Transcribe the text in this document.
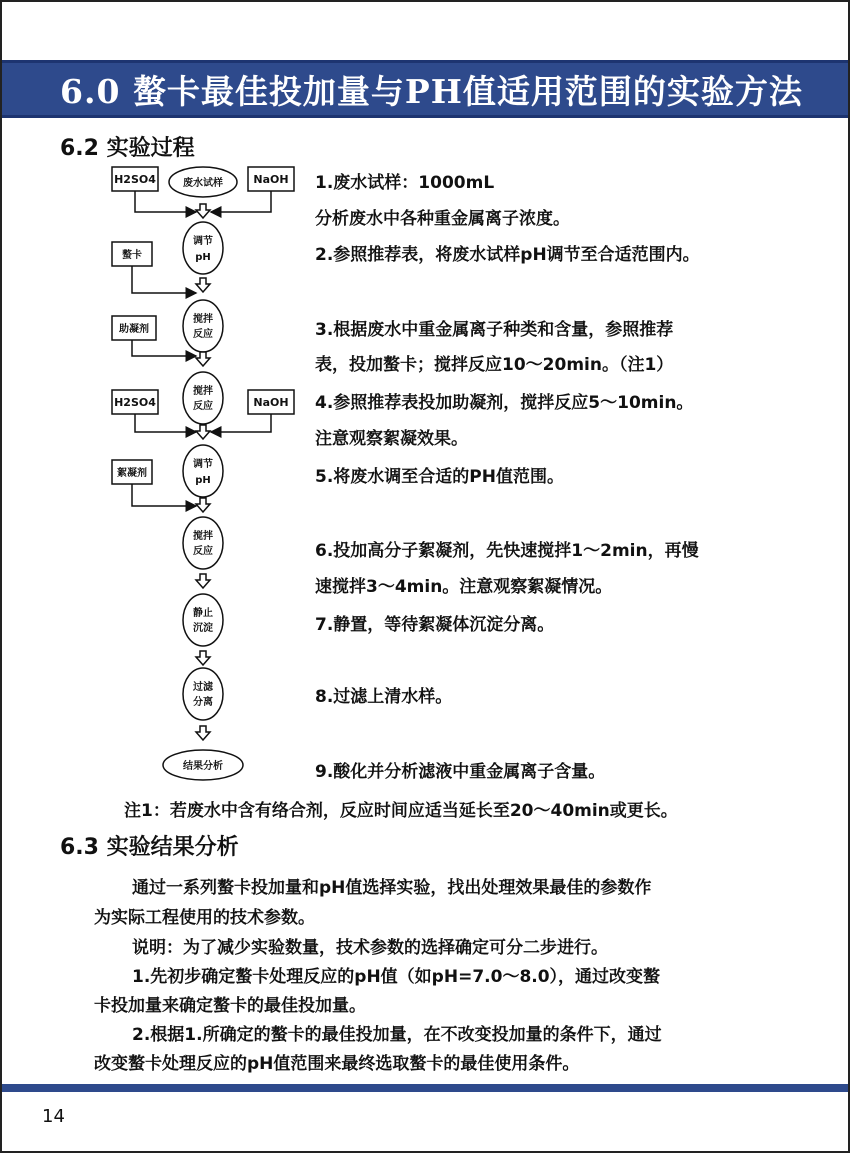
6.0 螯卡最佳投加量与PH值适用范围的实验方法
6.2 实验过程
H2SO4	废水试样	NaOH
螯卡
调节
pH
搅拌
反应
助凝剂
搅拌
反应
H2SO4	NaOH
絮凝剂
调节
pH
搅拌
反应
静止
沉淀
过滤
分离
结果分析
1.废水试样：1000mL
分析废水中各种重金属离子浓度。
2.参照推荐表，将废水试样pH调节至合适范围内。
3.根据废水中重金属离子种类和含量，参照推荐
表，投加螯卡；搅拌反应10～20min。（注1）
4.参照推荐表投加助凝剂，搅拌反应5～10min。
注意观察絮凝效果。
5.将废水调至合适的PH值范围。
6.投加高分子絮凝剂，先快速搅拌1～2min，再慢
速搅拌3～4min。注意观察絮凝情况。
7.静置，等待絮凝体沉淀分离。
8.过滤上清水样。
9.酸化并分析滤液中重金属离子含量。
注1：若废水中含有络合剂，反应时间应适当延长至20～40min或更长。
6.3 实验结果分析
通过一系列螯卡投加量和pH值选择实验，找出处理效果最佳的参数作
为实际工程使用的技术参数。
说明：为了减少实验数量，技术参数的选择确定可分二步进行。
1.先初步确定螯卡处理反应的pH值（如pH=7.0～8.0），通过改变螯
卡投加量来确定螯卡的最佳投加量。
2.根据1.所确定的螯卡的最佳投加量，在不改变投加量的条件下，通过
改变螯卡处理反应的pH值范围来最终选取螯卡的最佳使用条件。
14
